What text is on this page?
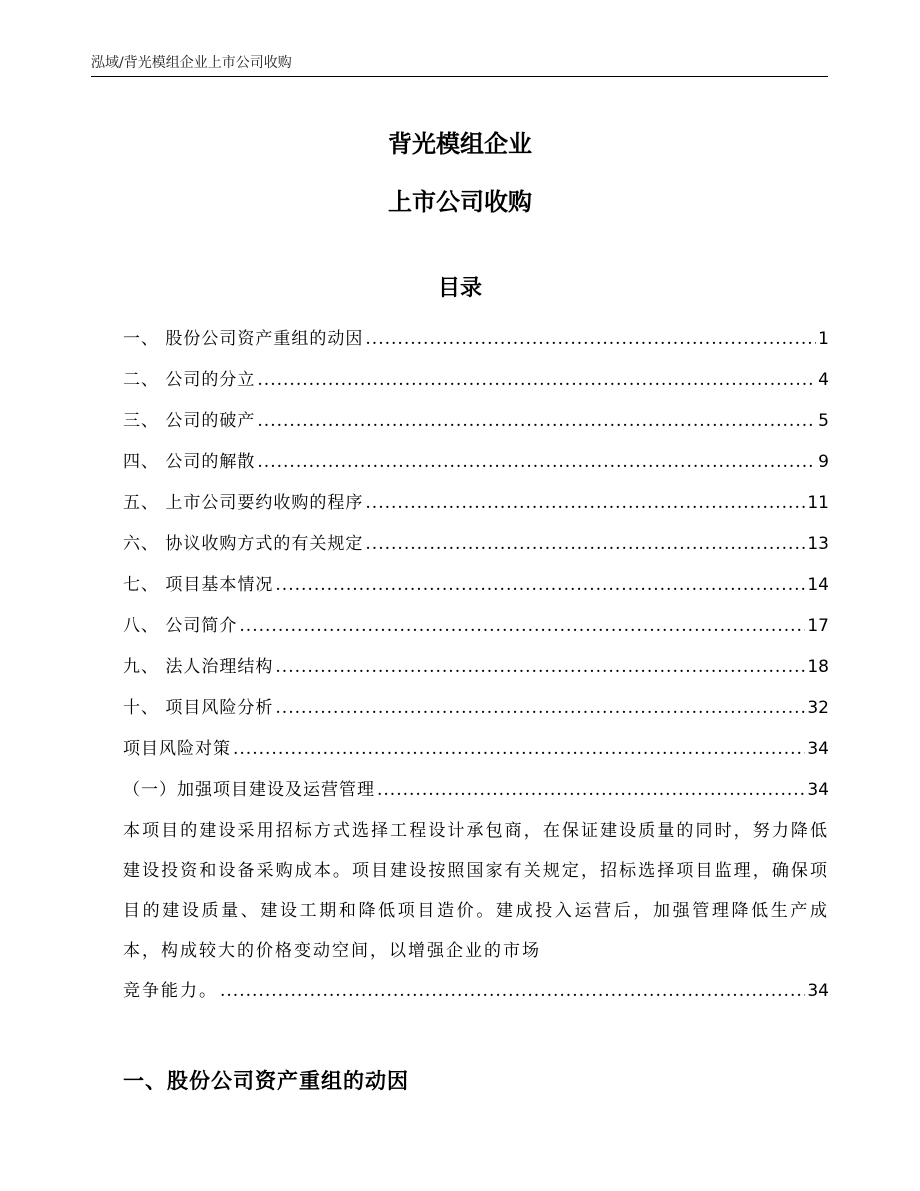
泓域/背光模组企业上市公司收购
背光模组企业
上市公司收购
目录
一、 股份公司资产重组的动因 .....	1
二、 公司的分立 .....	4
三、 公司的破产 .....	5
四、 公司的解散 .....	9
五、 上市公司要约收购的程序 .....	11
六、 协议收购方式的有关规定 .....	13
七、 项目基本情况 .....	14
八、 公司简介 .....	17
九、 法人治理结构 .....	18
十、 项目风险分析 .....	32
项目风险对策 .....	34
（一）加强项目建设及运营管理 .....	34
本项目的建设采用招标方式选择工程设计承包商，在保证建设质量的同时，努力降低建设投资和设备采购成本。项目建设按照国家有关规定，招标选择项目监理，确保项目的建设质量、建设工期和降低项目造价。建成投入运营后，加强管理降低生产成本，构成较大的价格变动空间，以增强企业的市场
竞争能力。 .....	34
一、股份公司资产重组的动因
